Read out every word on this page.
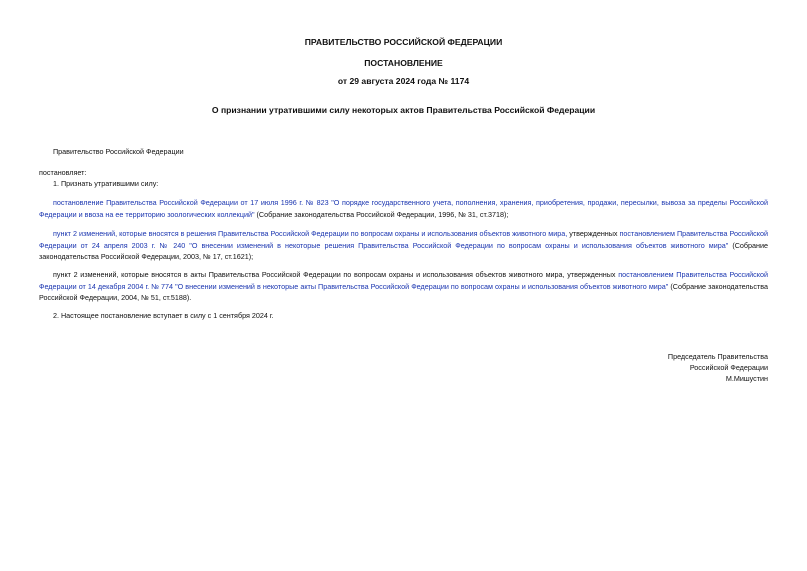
ПРАВИТЕЛЬСТВО РОССИЙСКОЙ ФЕДЕРАЦИИ
ПОСТАНОВЛЕНИЕ
от 29 августа 2024 года № 1174
О признании утратившими силу некоторых актов Правительства Российской Федерации
Правительство Российской Федерации
постановляет:
1. Признать утратившими силу:
постановление Правительства Российской Федерации от 17 июля 1996 г. № 823 "О порядке государственного учета, пополнения, хранения, приобретения, продажи, пересылки, вывоза за пределы Российской Федерации и ввоза на ее территорию зоологических коллекций" (Собрание законодательства Российской Федерации, 1996, № 31, ст.3718);
пункт 2 изменений, которые вносятся в решения Правительства Российской Федерации по вопросам охраны и использования объектов животного мира, утвержденных постановлением Правительства Российской Федерации от 24 апреля 2003 г. № 240 "О внесении изменений в некоторые решения Правительства Российской Федерации по вопросам охраны и использования объектов животного мира" (Собрание законодательства Российской Федерации, 2003, № 17, ст.1621);
пункт 2 изменений, которые вносятся в акты Правительства Российской Федерации по вопросам охраны и использования объектов животного мира, утвержденных постановлением Правительства Российской Федерации от 14 декабря 2004 г. № 774 "О внесении изменений в некоторые акты Правительства Российской Федерации по вопросам охраны и использования объектов животного мира" (Собрание законодательства Российской Федерации, 2004, № 51, ст.5188).
2. Настоящее постановление вступает в силу с 1 сентября 2024 г.
Председатель Правительства
Российской Федерации
М.Мишустин
